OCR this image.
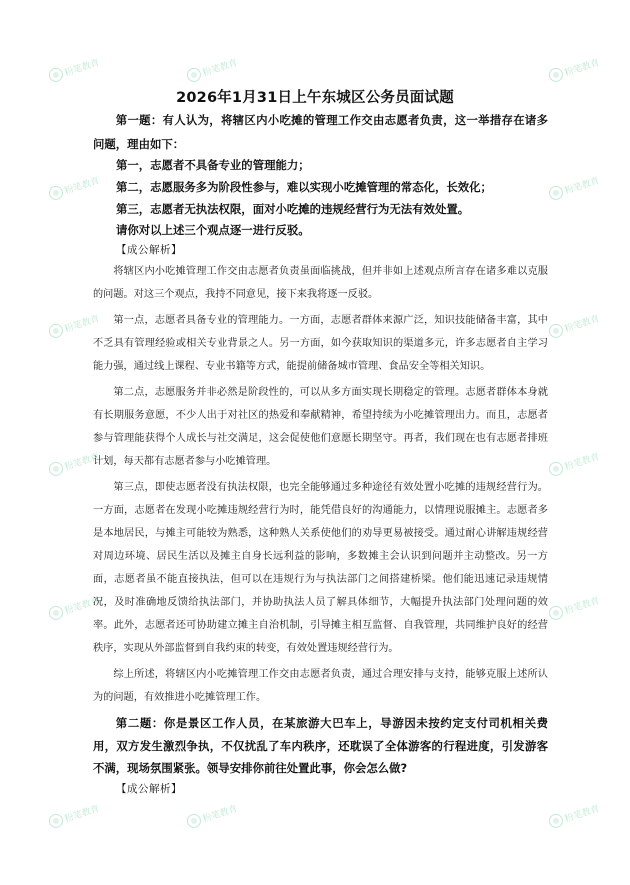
粉笔教育	粉笔教育	粉笔教育
粉笔教育	粉笔教育
粉笔教育	粉笔教育
粉笔教育	粉笔教育
粉笔教育	粉笔教育
粉笔教育	粉笔教育	粉笔教育
2026年1月31日上午东城区公务员面试题
第一题：有人认为，将辖区内小吃摊的管理工作交由志愿者负责，这一举措存在诸多问题，理由如下：
第一，志愿者不具备专业的管理能力；
第二，志愿服务多为阶段性参与，难以实现小吃摊管理的常态化，长效化；
第三，志愿者无执法权限，面对小吃摊的违规经营行为无法有效处置。
请你对以上述三个观点逐一进行反驳。
【成公解析】

将辖区内小吃摊管理工作交由志愿者负责虽面临挑战，但并非如上述观点所言存在诸多难以克服的问题。对这三个观点，我持不同意见，接下来我将逐一反驳。

第一点，志愿者具备专业的管理能力。一方面，志愿者群体来源广泛，知识技能储备丰富，其中不乏具有管理经验或相关专业背景之人。另一方面，如今获取知识的渠道多元，许多志愿者自主学习能力强，通过线上课程、专业书籍等方式，能提前储备城市管理、食品安全等相关知识。

第二点，志愿服务并非必然是阶段性的，可以从多方面实现长期稳定的管理。志愿者群体本身就有长期服务意愿，不少人出于对社区的热爱和奉献精神，希望持续为小吃摊管理出力。而且，志愿者参与管理能获得个人成长与社交满足，这会促使他们意愿长期坚守。再者，我们现在也有志愿者排班计划，每天都有志愿者参与小吃摊管理。

第三点，即使志愿者没有执法权限，也完全能够通过多种途径有效处置小吃摊的违规经营行为。一方面，志愿者在发现小吃摊违规经营行为时，能凭借良好的沟通能力，以情理说服摊主。志愿者多是本地居民，与摊主可能较为熟悉，这种熟人关系使他们的劝导更易被接受。通过耐心讲解违规经营对周边环境、居民生活以及摊主自身长远利益的影响，多数摊主会认识到问题并主动整改。另一方面，志愿者虽不能直接执法，但可以在违规行为与执法部门之间搭建桥梁。他们能迅速记录违规情况，及时准确地反馈给执法部门，并协助执法人员了解具体细节，大幅提升执法部门处理问题的效率。此外，志愿者还可协助建立摊主自治机制，引导摊主相互监督、自我管理，共同维护良好的经营秩序，实现从外部监督到自我约束的转变，有效处置违规经营行为。

综上所述，将辖区内小吃摊管理工作交由志愿者负责，通过合理安排与支持，能够克服上述所认为的问题，有效推进小吃摊管理工作。

第二题：你是景区工作人员，在某旅游大巴车上，导游因未按约定支付司机相关费用，双方发生激烈争执，不仅扰乱了车内秩序，还耽误了全体游客的行程进度，引发游客不满，现场氛围紧张。领导安排你前往处置此事，你会怎么做?

【成公解析】
